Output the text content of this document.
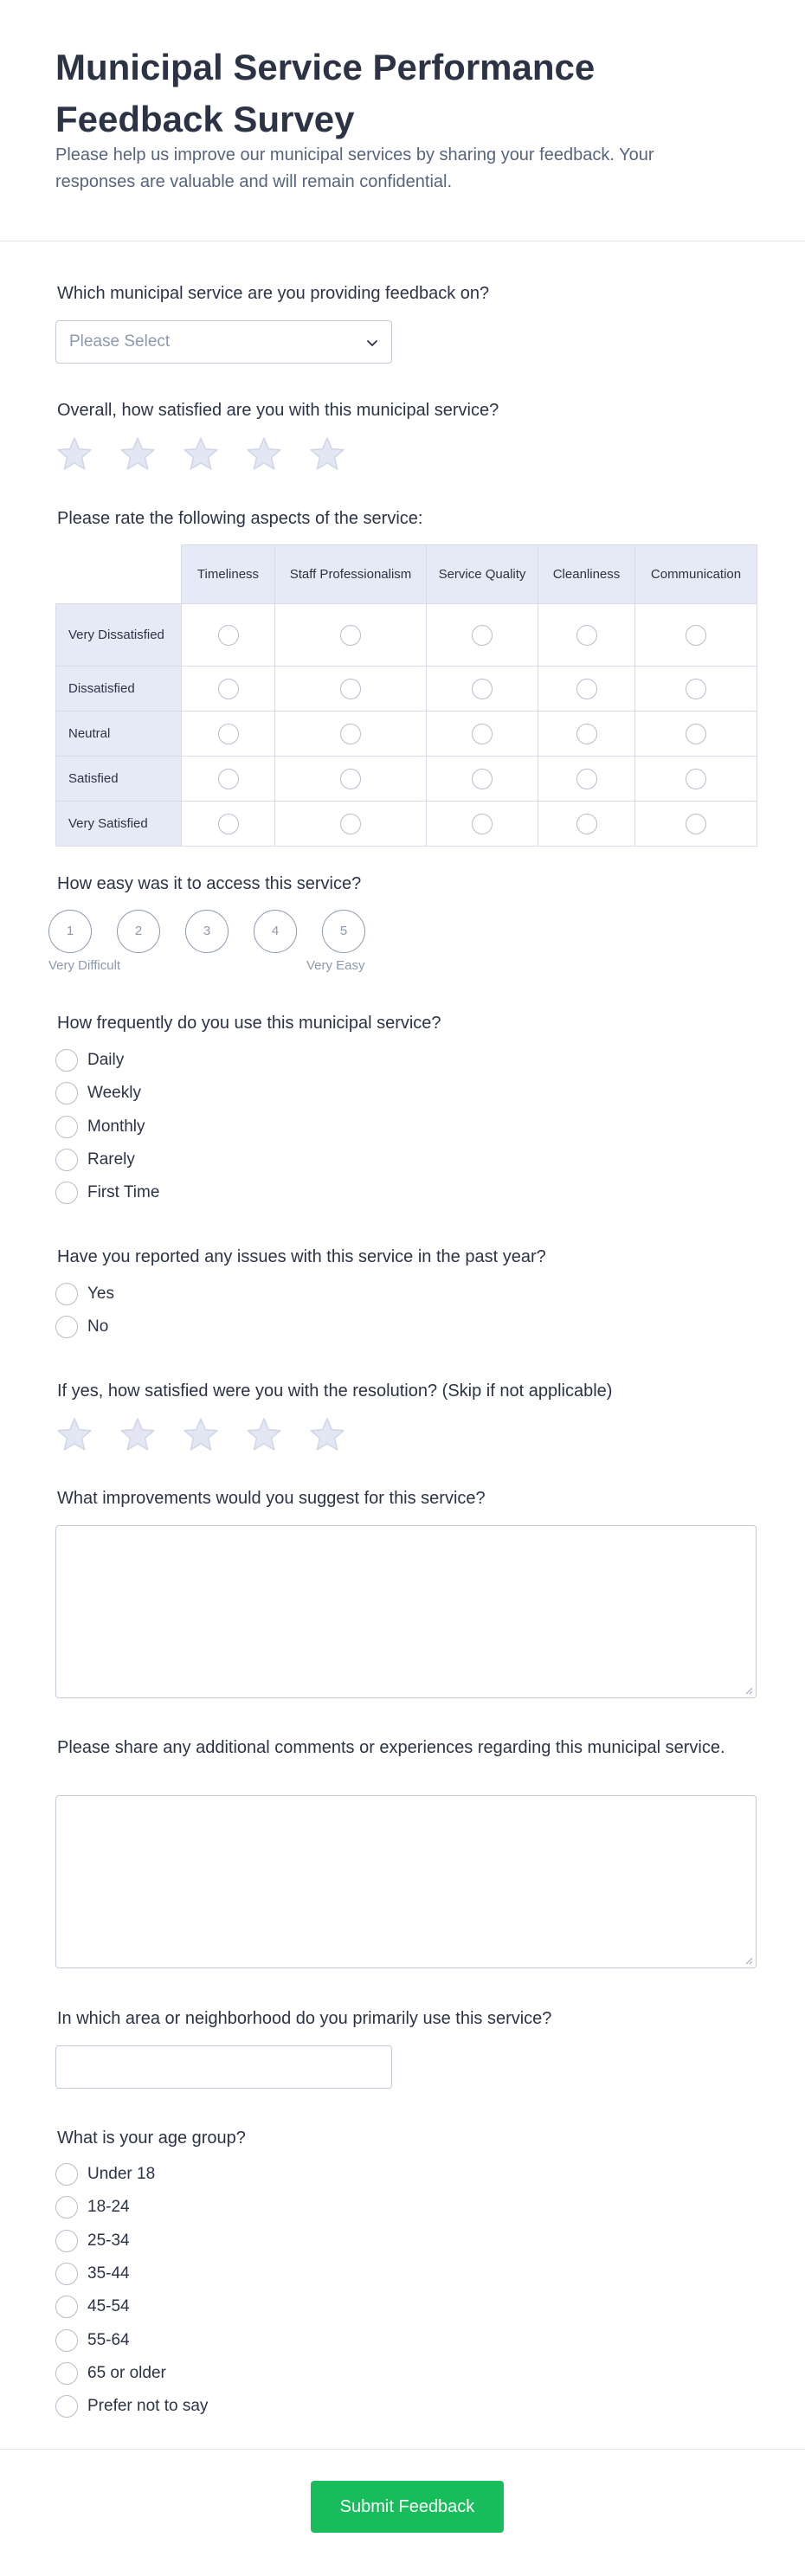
Municipal Service Performance Feedback Survey

Please help us improve our municipal services by sharing your feedback. Your responses are valuable and will remain confidential.

Which municipal service are you providing feedback on?
Please Select
Overall, how satisfied are you with this municipal service?
Please rate the following aspects of the service:
	Timeliness	Staff Professionalism	Service Quality	Cleanliness	Communication
Very Dissatisfied					
Dissatisfied					
Neutral					
Satisfied					
Very Satisfied					
How easy was it to access this service?
1	2	3	4	5
Very Difficult	Very Easy
How frequently do you use this municipal service?
Daily
Weekly
Monthly
Rarely
First Time
Have you reported any issues with this service in the past year?
Yes
No
If yes, how satisfied were you with the resolution? (Skip if not applicable)
What improvements would you suggest for this service?
Please share any additional comments or experiences regarding this municipal service.
In which area or neighborhood do you primarily use this service?
What is your age group?
Under 18
18-24
25-34
35-44
45-54
55-64
65 or older
Prefer not to say
Submit Feedback
